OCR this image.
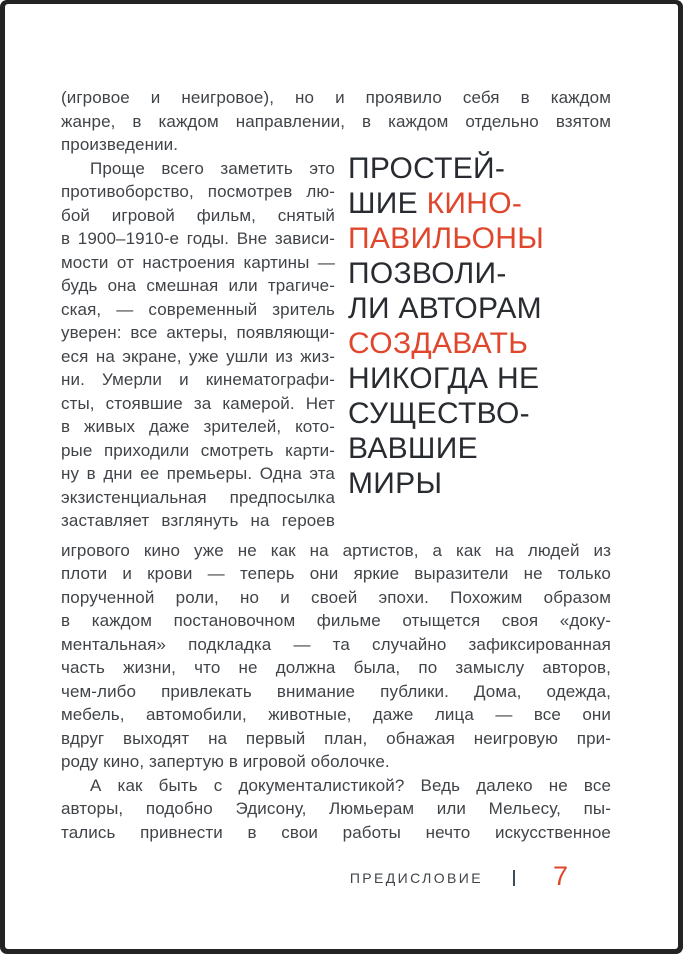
(игровое и неигровое), но и проявило себя в каждом
жанре, в каждом направлении, в каждом отдельно взятом
произведении.
Проще всего заметить это
противоборство, посмотрев лю-
бой игровой фильм, снятый
в 1900–1910-е годы. Вне зависи-
мости от настроения картины —
будь она смешная или трагиче-
ская, — современный зритель
уверен: все актеры, появляющи-
еся на экране, уже ушли из жиз-
ни. Умерли и кинематографи-
сты, стоявшие за камерой. Нет
в живых даже зрителей, кото-
рые приходили смотреть карти-
ну в дни ее премьеры. Одна эта
экзистенциальная предпосылка
заставляет взглянуть на героев
ПРОСТЕЙ-
ШИЕ КИНО-
ПАВИЛЬОНЫ
ПОЗВОЛИ-
ЛИ АВТОРАМ
СОЗДАВАТЬ
НИКОГДА НЕ
СУЩЕСТВО-
ВАВШИЕ
МИРЫ
игрового кино уже не как на артистов, а как на людей из
плоти и крови — теперь они яркие выразители не только
порученной роли, но и своей эпохи. Похожим образом
в каждом постановочном фильме отыщется своя «доку-
ментальная» подкладка — та случайно зафиксированная
часть жизни, что не должна была, по замыслу авторов,
чем-либо привлекать внимание публики. Дома, одежда,
мебель, автомобили, животные, даже лица — все они
вдруг выходят на первый план, обнажая неигровую при-
роду кино, запертую в игровой оболочке.
А как быть с документалистикой? Ведь далеко не все
авторы, подобно Эдисону, Люмьерам или Мельесу, пы-
тались привнести в свои работы нечто искусственное
ПРЕДИСЛОВИЕ	7
